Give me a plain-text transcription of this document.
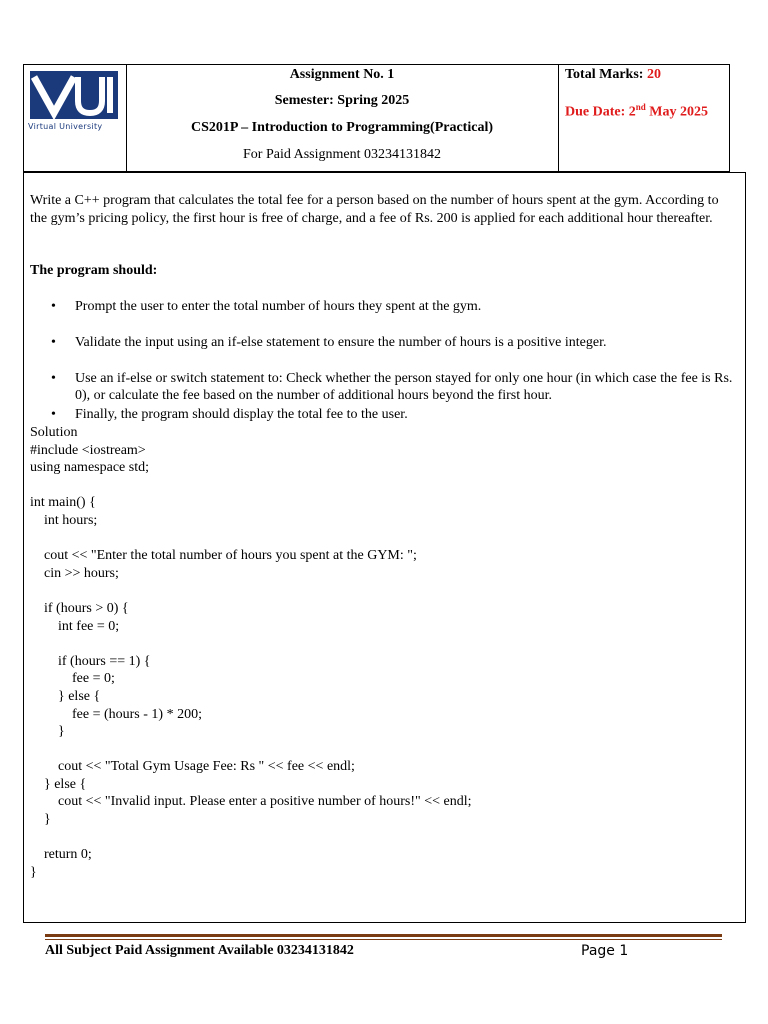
Virtual University
Assignment No. 1
Semester: Spring 2025
CS201P – Introduction to Programming(Practical)
For Paid Assignment 03234131842
Total Marks: 20
Due Date: 2nd May 2025

Write a C++ program that calculates the total fee for a person based on the number of hours spent at the gym. According to the gym’s pricing policy, the first hour is free of charge, and a fee of Rs. 200 is applied for each additional hour thereafter.

The program should:

• Prompt the user to enter the total number of hours they spent at the gym.

• Validate the input using an if-else statement to ensure the number of hours is a positive integer.

• Use an if-else or switch statement to: Check whether the person stayed for only one hour (in which case the fee is Rs. 0), or calculate the fee based on the number of additional hours beyond the first hour.

• Finally, the program should display the total fee to the user.

Solution
#include <iostream>
using namespace std;

int main() {
int hours;

cout << "Enter the total number of hours you spent at the GYM: ";
cin >> hours;

if (hours > 0) {
int fee = 0;

if (hours == 1) {
fee = 0;
} else {
fee = (hours - 1) * 200;
}

cout << "Total Gym Usage Fee: Rs " << fee << endl;
} else {
cout << "Invalid input. Please enter a positive number of hours!" << endl;
}

return 0;
}
All Subject Paid Assignment Available 03234131842	Page 1
